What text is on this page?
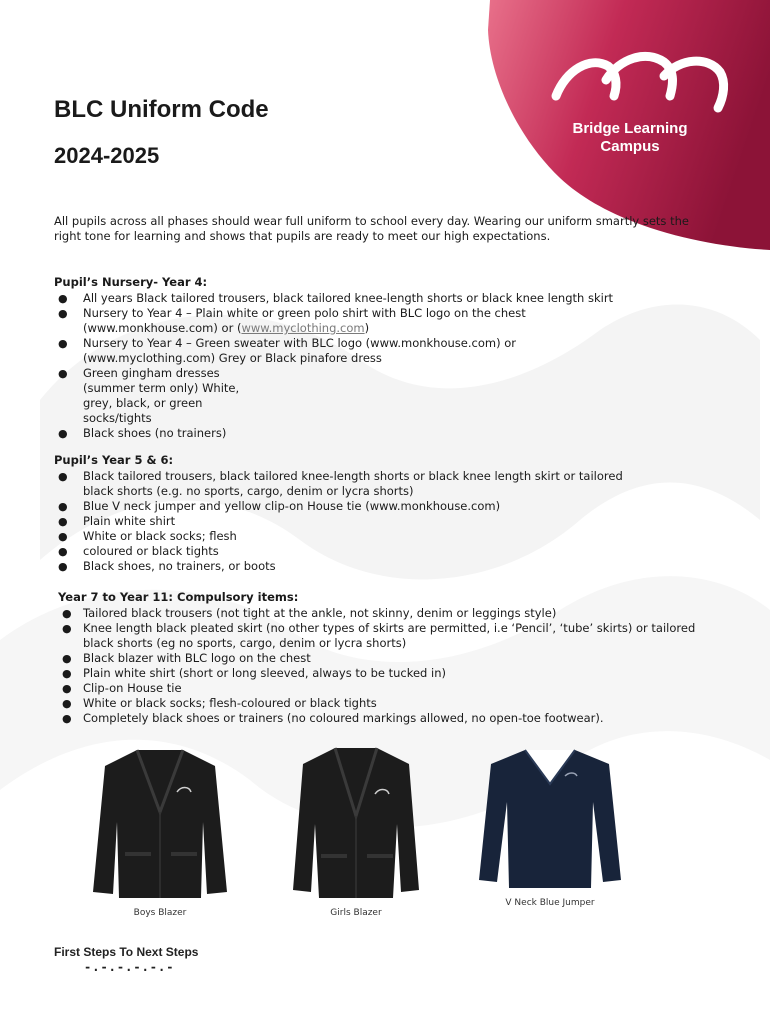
Bridge Learning
Campus
BLC Uniform Code
2024-2025

All pupils across all phases should wear full uniform to school every day. Wearing our uniform smartly sets the right tone for learning and shows that pupils are ready to meet our high expectations.

Pupil’s Nursery- Year 4:
● All years Black tailored trousers, black tailored knee-length shorts or black knee length skirt
● Nursery to Year 4 – Plain white or green polo shirt with BLC logo on the chest
(www.monkhouse.com) or (www.myclothing.com)
● Nursery to Year 4 – Green sweater with BLC logo (www.monkhouse.com) or
(www.myclothing.com) Grey or Black pinafore dress
● Green gingham dresses
(summer term only) White,
grey, black, or green
socks/tights
● Black shoes (no trainers)
Pupil’s Year 5 & 6:
● Black tailored trousers, black tailored knee-length shorts or black knee length skirt or tailored
black shorts (e.g. no sports, cargo, denim or lycra shorts)
● Blue V neck jumper and yellow clip-on House tie (www.monkhouse.com)
● Plain white shirt
● White or black socks; flesh
● coloured or black tights
● Black shoes, no trainers, or boots
Year 7 to Year 11: Compulsory items:
● Tailored black trousers (not tight at the ankle, not skinny, denim or leggings style)
● Knee length black pleated skirt (no other types of skirts are permitted, i.e ‘Pencil’, ‘tube’ skirts) or tailored
black shorts (eg no sports, cargo, denim or lycra shorts)
● Black blazer with BLC logo on the chest
● Plain white shirt (short or long sleeved, always to be tucked in)
● Clip-on House tie
● White or black socks; flesh-coloured or black tights
● Completely black shoes or trainers (no coloured markings allowed, no open-toe footwear).
Boys Blazer	Girls Blazer
V Neck Blue Jumper
First Steps To Next Steps
-.-.-.-.-.-
